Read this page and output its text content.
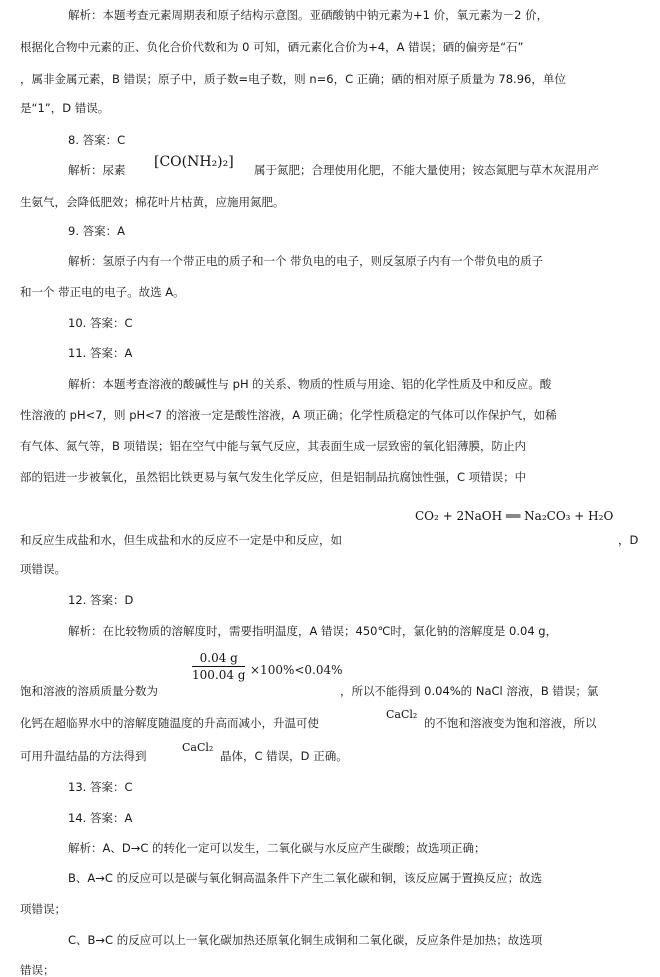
解析：本题考查元素周期表和原子结构示意图。亚硒酸钠中钠元素为+1 价，氧元素为－2 价，
根据化合物中元素的正、负化合价代数和为 0 可知，硒元素化合价为+4，A 错误；硒的偏旁是“石”
，属非金属元素，B 错误；原子中，质子数=电子数，则 n=6，C 正确；硒的相对原子质量为 78.96，单位
是“1”，D 错误。
8. 答案：C
解析：尿素 [CO(NH₂)₂] 属于氮肥；合理使用化肥，不能大量使用；铵态氮肥与草木灰混用产
生氨气，会降低肥效；棉花叶片枯黄，应施用氮肥。
9. 答案：A
解析：氢原子内有一个带正电的质子和一个 带负电的电子，则反氢原子内有一个带负电的质子
和一个 带正电的电子。故选 A。
10. 答案：C
11. 答案：A
解析：本题考查溶液的酸碱性与 pH 的关系、物质的性质与用途、铝的化学性质及中和反应。酸
性溶液的 pH<7，则 pH<7 的溶液一定是酸性溶液，A 项正确；化学性质稳定的气体可以作保护气，如稀
有气体、氮气等，B 项错误；铝在空气中能与氧气反应，其表面生成一层致密的氧化铝薄膜，防止内
部的铝进一步被氧化，虽然铝比铁更易与氧气发生化学反应，但是铝制品抗腐蚀性强，C 项错误；中
CO₂ + 2NaOH ══ Na₂CO₃ + H₂O
和反应生成盐和水，但生成盐和水的反应不一定是中和反应，如	，D
项错误。
12. 答案：D
解析：在比较物质的溶解度时，需要指明温度，A 错误；450℃时，氯化钠的溶解度是 0.04 g，
0.04 g
100.04 g ×100%<0.04%
饱和溶液的溶质质量分数为	，所以不能得到 0.04%的 NaCl 溶液，B 错误；氯
化钙在超临界水中的溶解度随温度的升高而减小，升温可使
CaCl₂
的不饱和溶液变为饱和溶液，所以
可用升温结晶的方法得到
CaCl₂
晶体，C 错误，D 正确。
13. 答案：C
14. 答案：A
解析：A、D→C 的转化一定可以发生，二氧化碳与水反应产生碳酸；故选项正确；
B、A→C 的反应可以是碳与氧化铜高温条件下产生二氧化碳和铜，该反应属于置换反应；故选
项错误；
C、B→C 的反应可以上一氧化碳加热还原氧化铜生成铜和二氧化碳，反应条件是加热；故选项
错误；
